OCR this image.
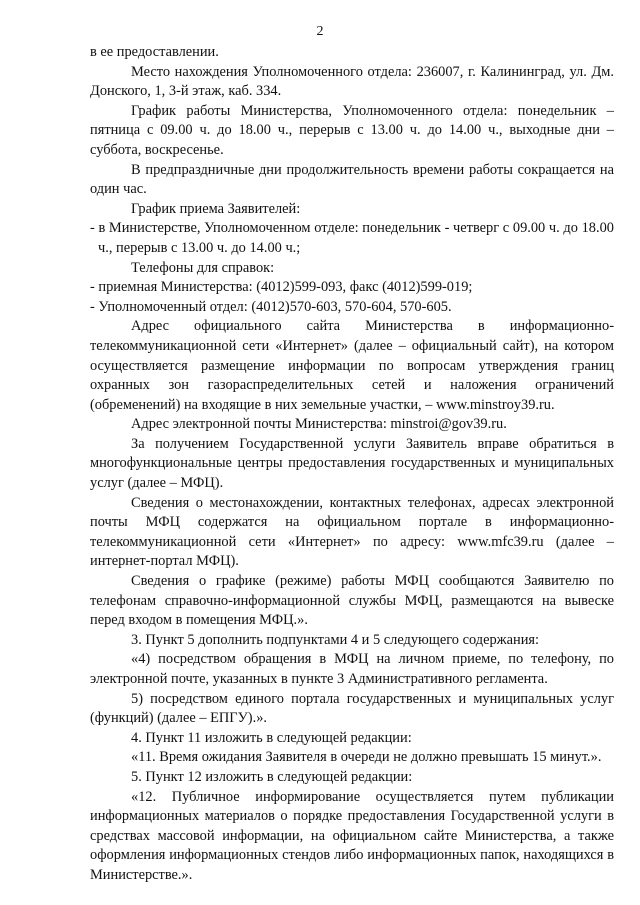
2

в ее предоставлении.

Место нахождения Уполномоченного отдела: 236007, г. Калининград, ул. Дм. Донского, 1, 3-й этаж, каб. 334.

График работы Министерства, Уполномоченного отдела: понедельник – пятница с 09.00 ч. до 18.00 ч., перерыв с 13.00 ч. до 14.00 ч., выходные дни – суббота, воскресенье.

В предпраздничные дни продолжительность времени работы сокращается на один час.

График приема Заявителей:

- в Министерстве, Уполномоченном отделе: понедельник - четверг с 09.00 ч. до 18.00 ч., перерыв с 13.00 ч. до 14.00 ч.;

Телефоны для справок:

- приемная Министерства: (4012)599-093, факс (4012)599-019;

- Уполномоченный отдел: (4012)570-603, 570-604, 570-605.

Адрес официального сайта Министерства в информационно-телекоммуникационной сети «Интернет» (далее – официальный сайт), на котором осуществляется размещение информации по вопросам утверждения границ охранных зон газораспределительных сетей и наложения ограничений (обременений) на входящие в них земельные участки, – www.minstroy39.ru.

Адрес электронной почты Министерства: minstroi@gov39.ru.

За получением Государственной услуги Заявитель вправе обратиться в многофункциональные центры предоставления государственных и муниципальных услуг (далее – МФЦ).

Сведения о местонахождении, контактных телефонах, адресах электронной почты МФЦ содержатся на официальном портале в информационно-телекоммуникационной сети «Интернет» по адресу: www.mfc39.ru (далее – интернет-портал МФЦ).

Сведения о графике (режиме) работы МФЦ сообщаются Заявителю по телефонам справочно-информационной службы МФЦ, размещаются на вывеске перед входом в помещения МФЦ.».

3. Пункт 5 дополнить подпунктами 4 и 5 следующего содержания:

«4) посредством обращения в МФЦ на личном приеме, по телефону, по электронной почте, указанных в пункте 3 Административного регламента.

5) посредством единого портала государственных и муниципальных услуг (функций) (далее – ЕПГУ).».

4. Пункт 11 изложить в следующей редакции:

«11. Время ожидания Заявителя в очереди не должно превышать 15 минут.».

5. Пункт 12 изложить в следующей редакции:

«12. Публичное информирование осуществляется путем публикации информационных материалов о порядке предоставления Государственной услуги в средствах массовой информации, на официальном сайте Министерства, а также оформления информационных стендов либо информационных папок, находящихся в Министерстве.».
